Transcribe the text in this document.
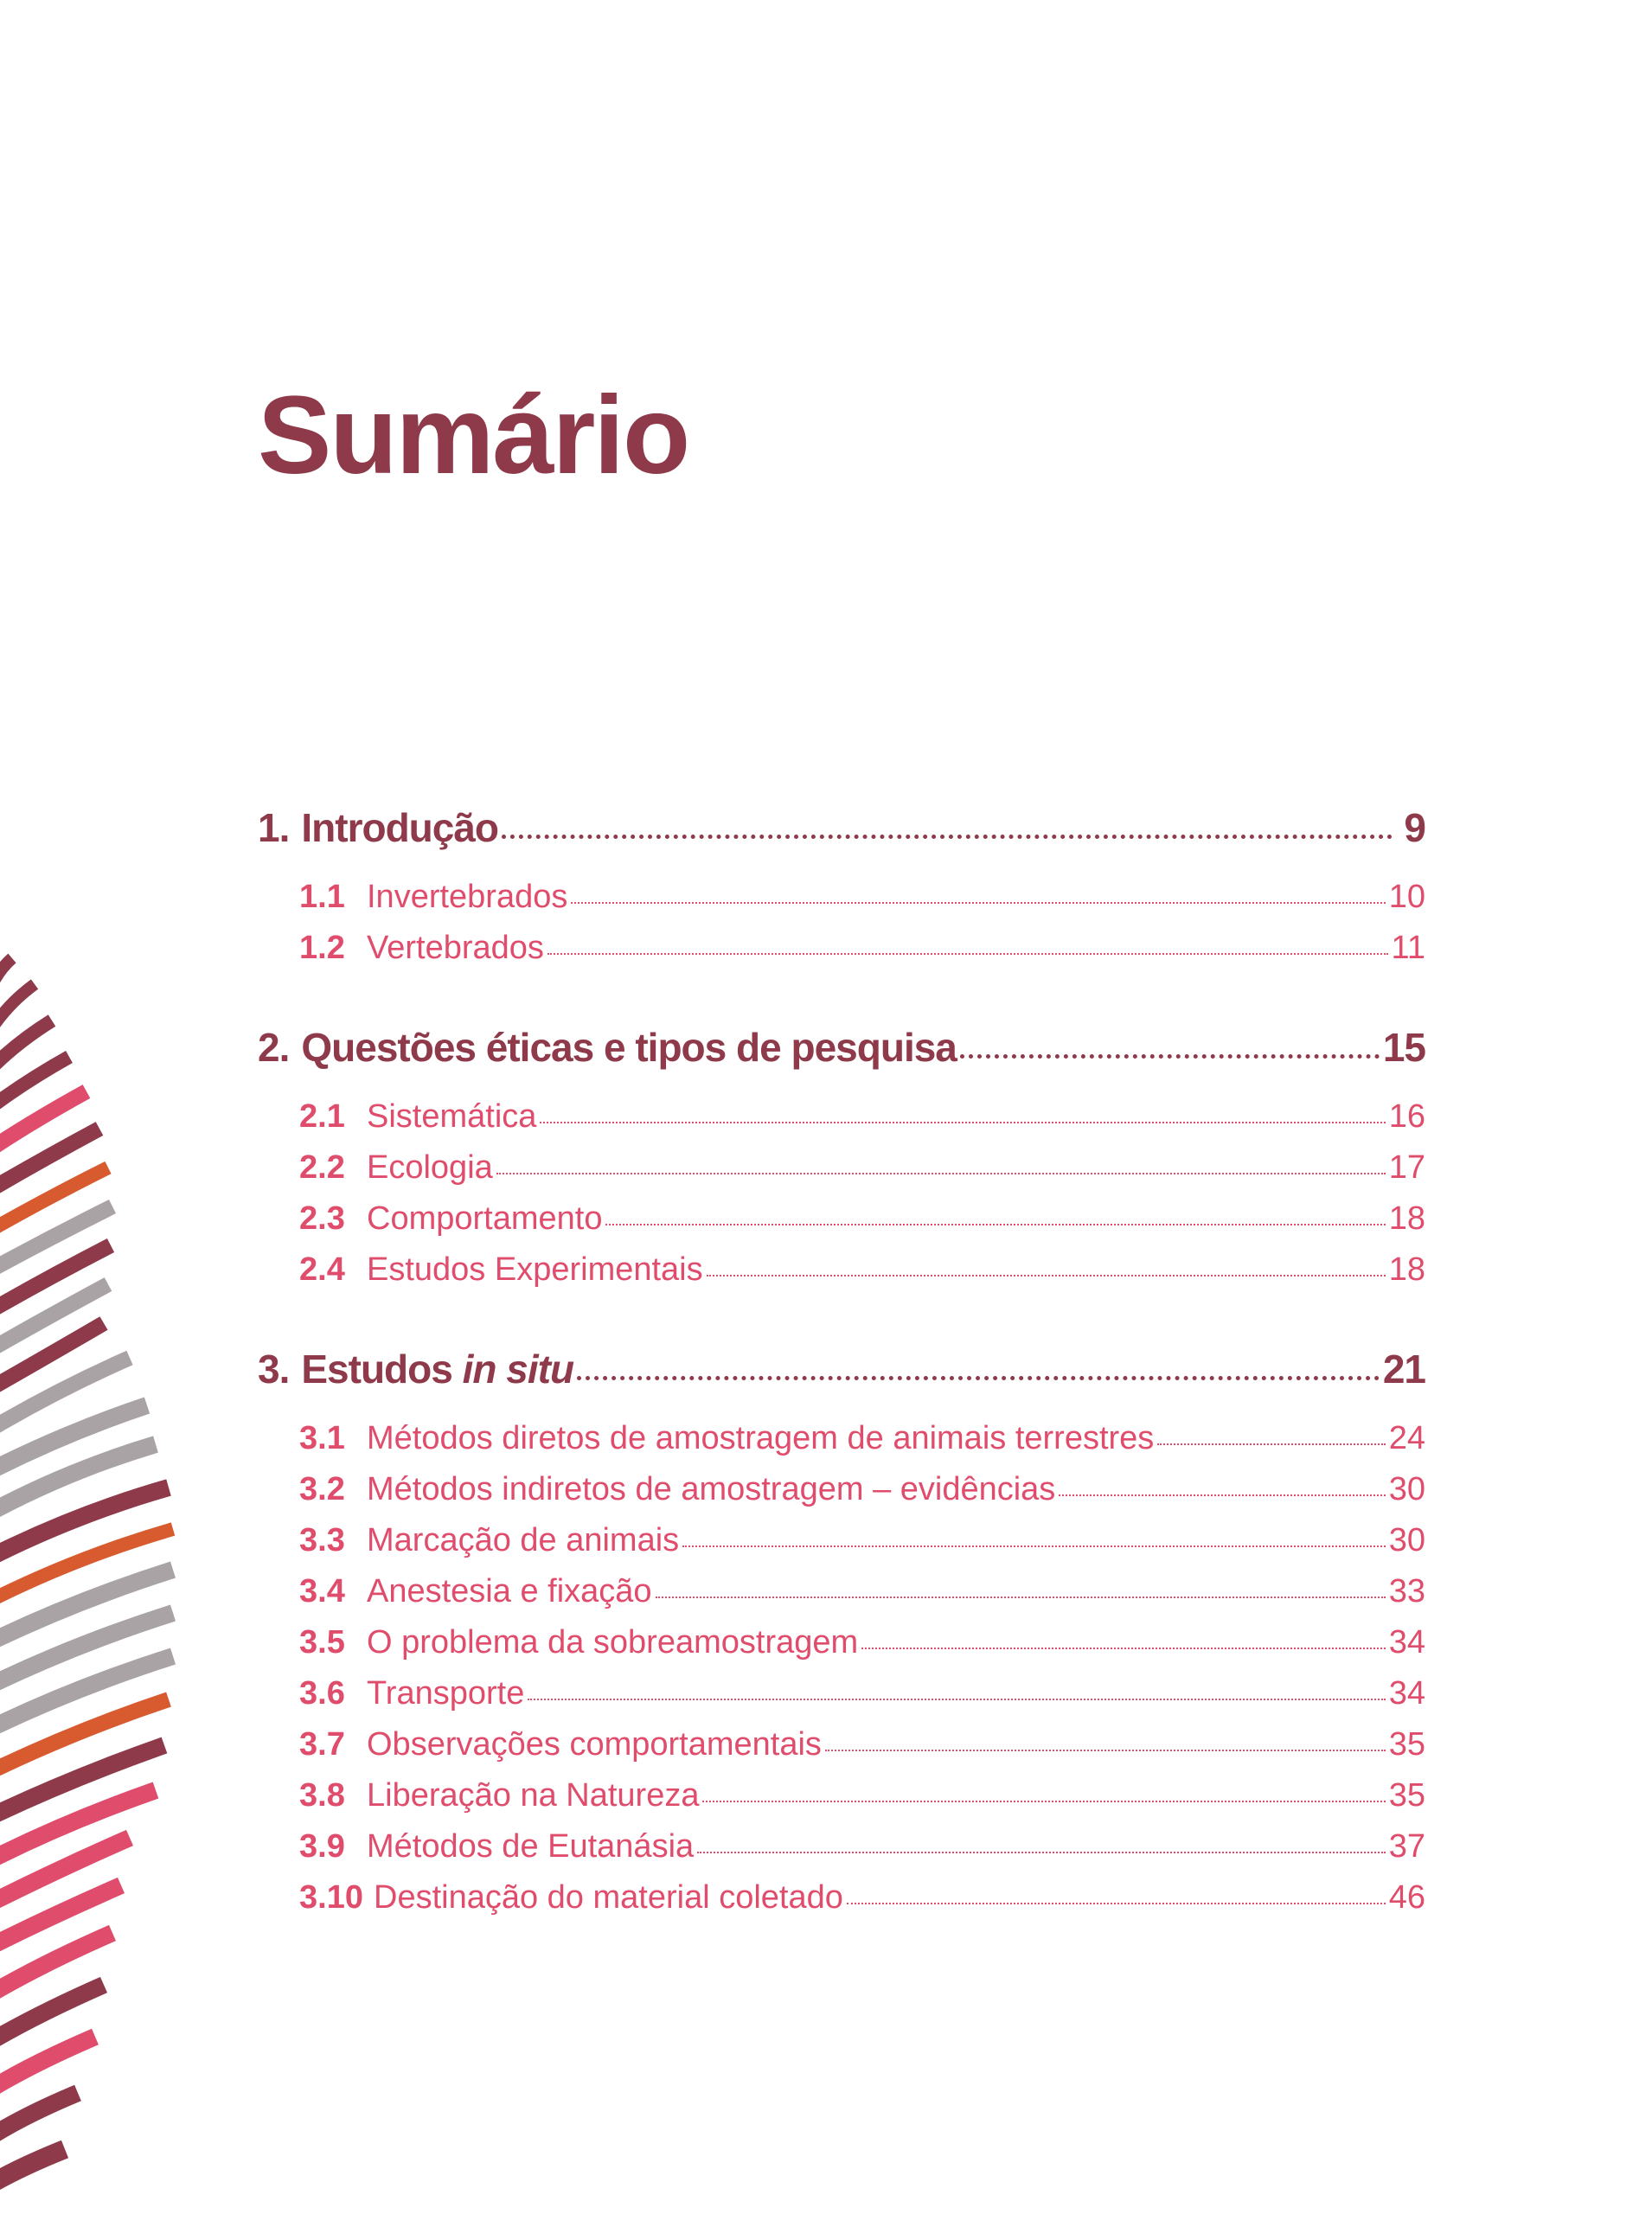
Sumário
1. Introdução	9
1.1 Invertebrados	10
1.2 Vertebrados	11
2. Questões éticas e tipos de pesquisa	15
2.1 Sistemática	16
2.2 Ecologia	17
2.3 Comportamento	18
2.4 Estudos Experimentais	18
3. Estudos in situ	21
3.1 Métodos diretos de amostragem de animais terrestres	24
3.2 Métodos indiretos de amostragem – evidências	30
3.3 Marcação de animais	30
3.4 Anestesia e fixação	33
3.5 O problema da sobreamostragem	34
3.6 Transporte	34
3.7 Observações comportamentais	35
3.8 Liberação na Natureza	35
3.9 Métodos de Eutanásia	37
3.10 Destinação do material coletado	46
